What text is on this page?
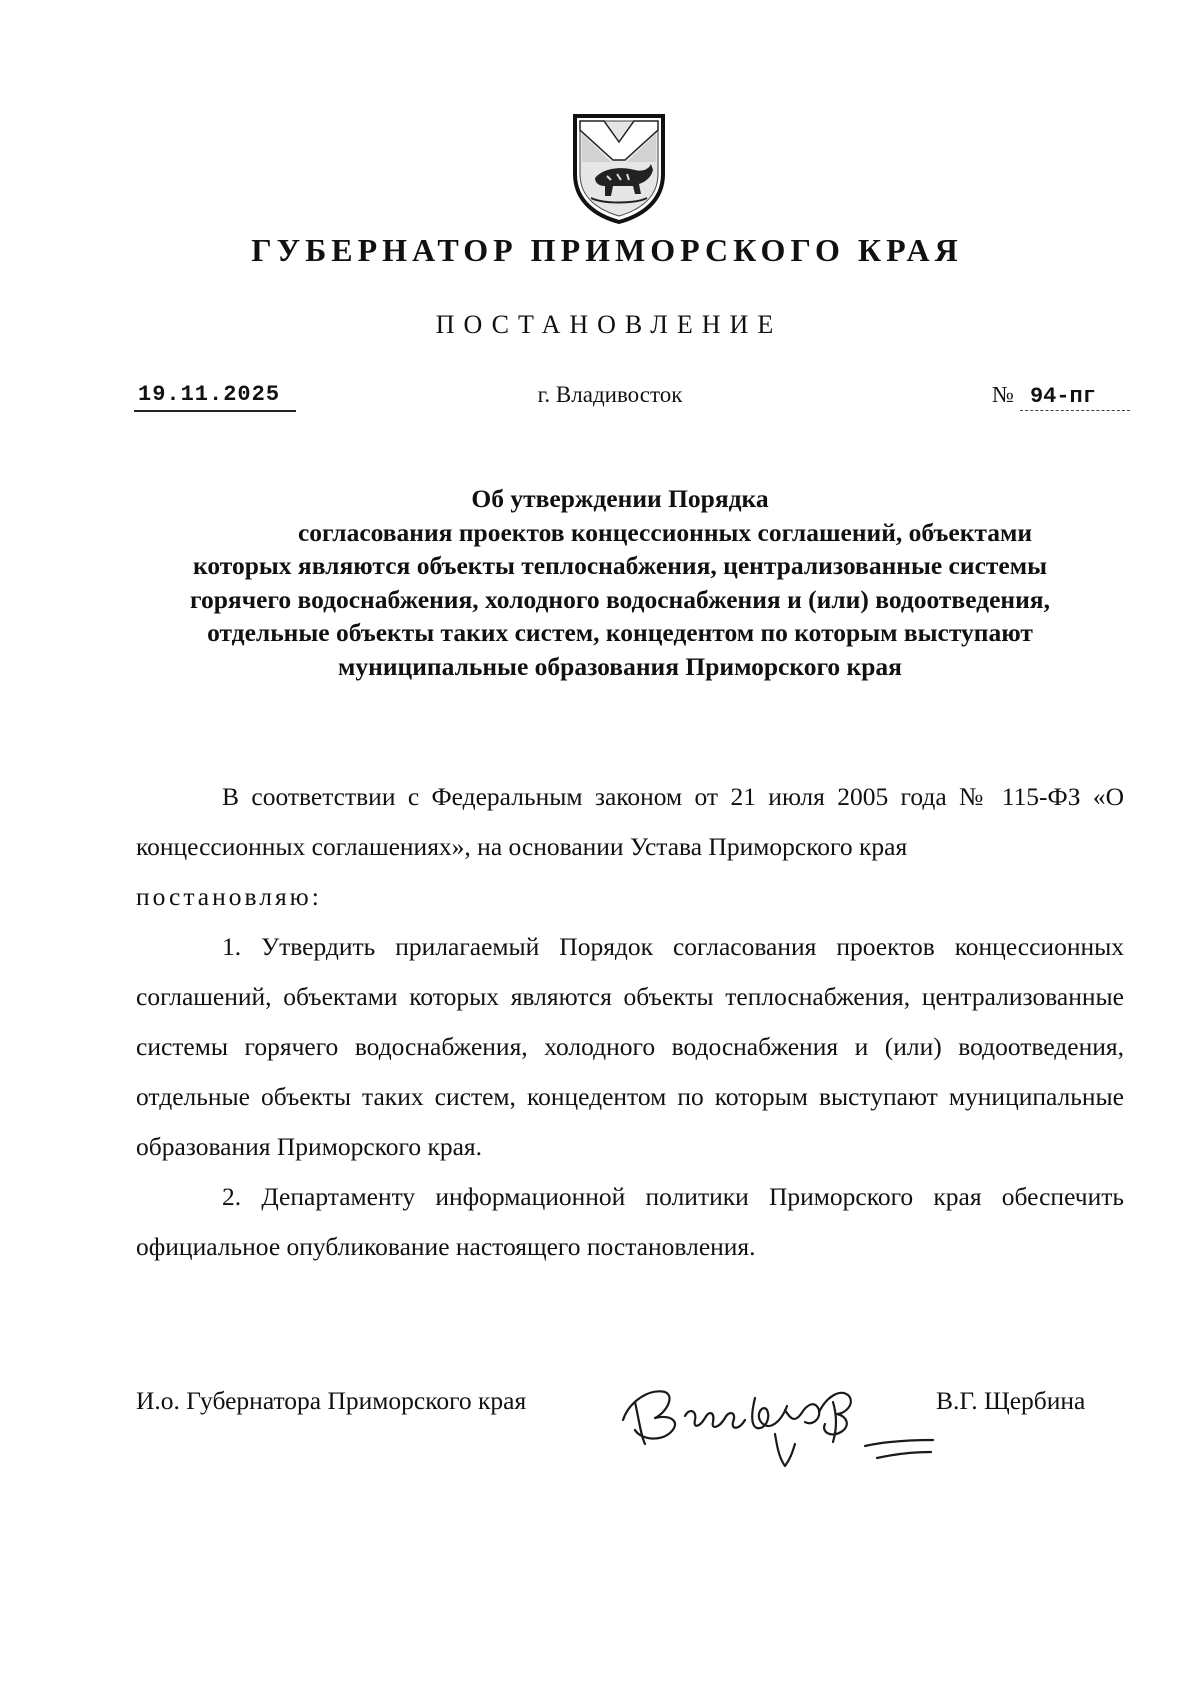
ГУБЕРНАТОР ПРИМОРСКОГО КРАЯ
ПОСТАНОВЛЕНИЕ
19.11.2025	г. Владивосток	№ 94-пг
Об утверждении Порядка
согласования проектов концессионных соглашений, объектами
которых являются объекты теплоснабжения, централизованные системы
горячего водоснабжения, холодного водоснабжения и (или) водоотведения,
отдельные объекты таких систем, концедентом по которым выступают
муниципальные образования Приморского края

В соответствии с Федеральным законом от 21 июля 2005 года № 115-ФЗ «О концессионных соглашениях», на основании Устава Приморского края

постановляю:

1. Утвердить прилагаемый Порядок согласования проектов концессионных соглашений, объектами которых являются объекты теплоснабжения, централизованные системы горячего водоснабжения, холодного водоснабжения и (или) водоотведения, отдельные объекты таких систем, концедентом по которым выступают муниципальные образования Приморского края.

2. Департаменту информационной политики Приморского края обеспечить официальное опубликование настоящего постановления.

И.о. Губернатора Приморского края	В.Г. Щербина
